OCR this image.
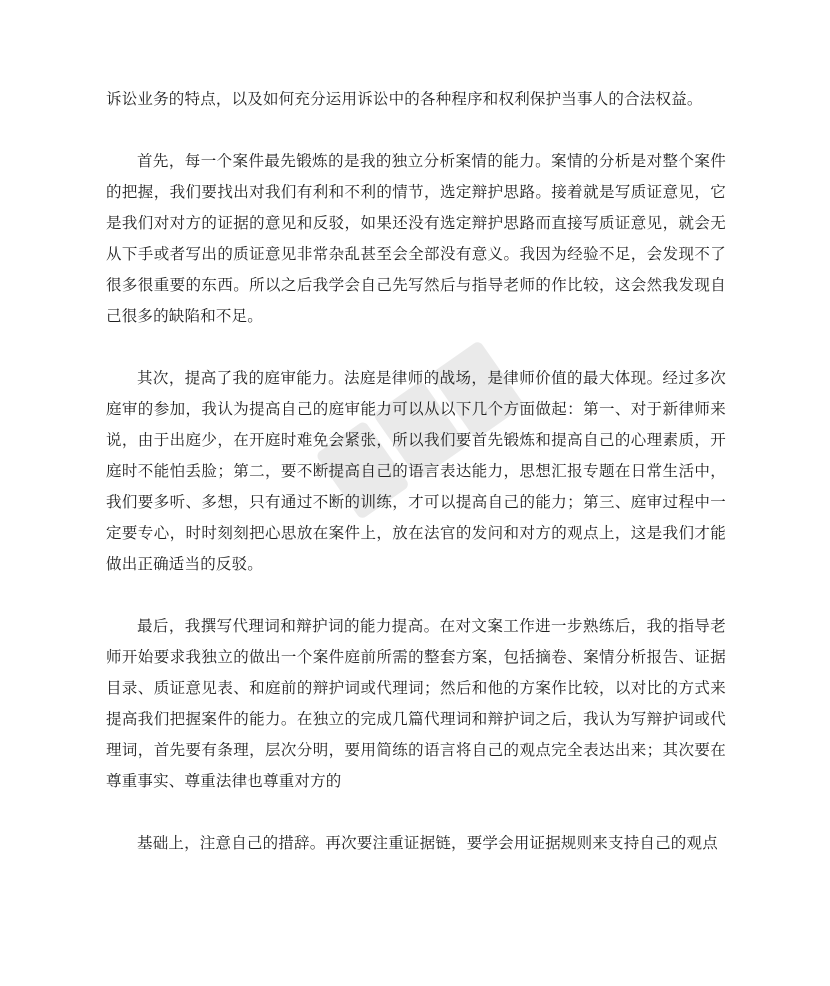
诉讼业务的特点，以及如何充分运用诉讼中的各种程序和权利保护当事人的合法权益。

首先，每一个案件最先锻炼的是我的独立分析案情的能力。案情的分析是对整个案件的把握，我们要找出对我们有利和不利的情节，选定辩护思路。接着就是写质证意见，它是我们对对方的证据的意见和反驳，如果还没有选定辩护思路而直接写质证意见，就会无从下手或者写出的质证意见非常杂乱甚至会全部没有意义。我因为经验不足，会发现不了很多很重要的东西。所以之后我学会自己先写然后与指导老师的作比较，这会然我发现自己很多的缺陷和不足。

其次，提高了我的庭审能力。法庭是律师的战场，是律师价值的最大体现。经过多次庭审的参加，我认为提高自己的庭审能力可以从以下几个方面做起：第一、对于新律师来说，由于出庭少，在开庭时难免会紧张，所以我们要首先锻炼和提高自己的心理素质，开庭时不能怕丢脸；第二，要不断提高自己的语言表达能力，思想汇报专题在日常生活中，我们要多听、多想，只有通过不断的训练，才可以提高自己的能力；第三、庭审过程中一定要专心，时时刻刻把心思放在案件上，放在法官的发问和对方的观点上，这是我们才能做出正确适当的反驳。

最后，我撰写代理词和辩护词的能力提高。在对文案工作进一步熟练后，我的指导老师开始要求我独立的做出一个案件庭前所需的整套方案，包括摘卷、案情分析报告、证据目录、质证意见表、和庭前的辩护词或代理词；然后和他的方案作比较，以对比的方式来提高我们把握案件的能力。在独立的完成几篇代理词和辩护词之后，我认为写辩护词或代理词，首先要有条理，层次分明，要用简练的语言将自己的观点完全表达出来；其次要在尊重事实、尊重法律也尊重对方的

基础上，注意自己的措辞。再次要注重证据链，要学会用证据规则来支持自己的观点
